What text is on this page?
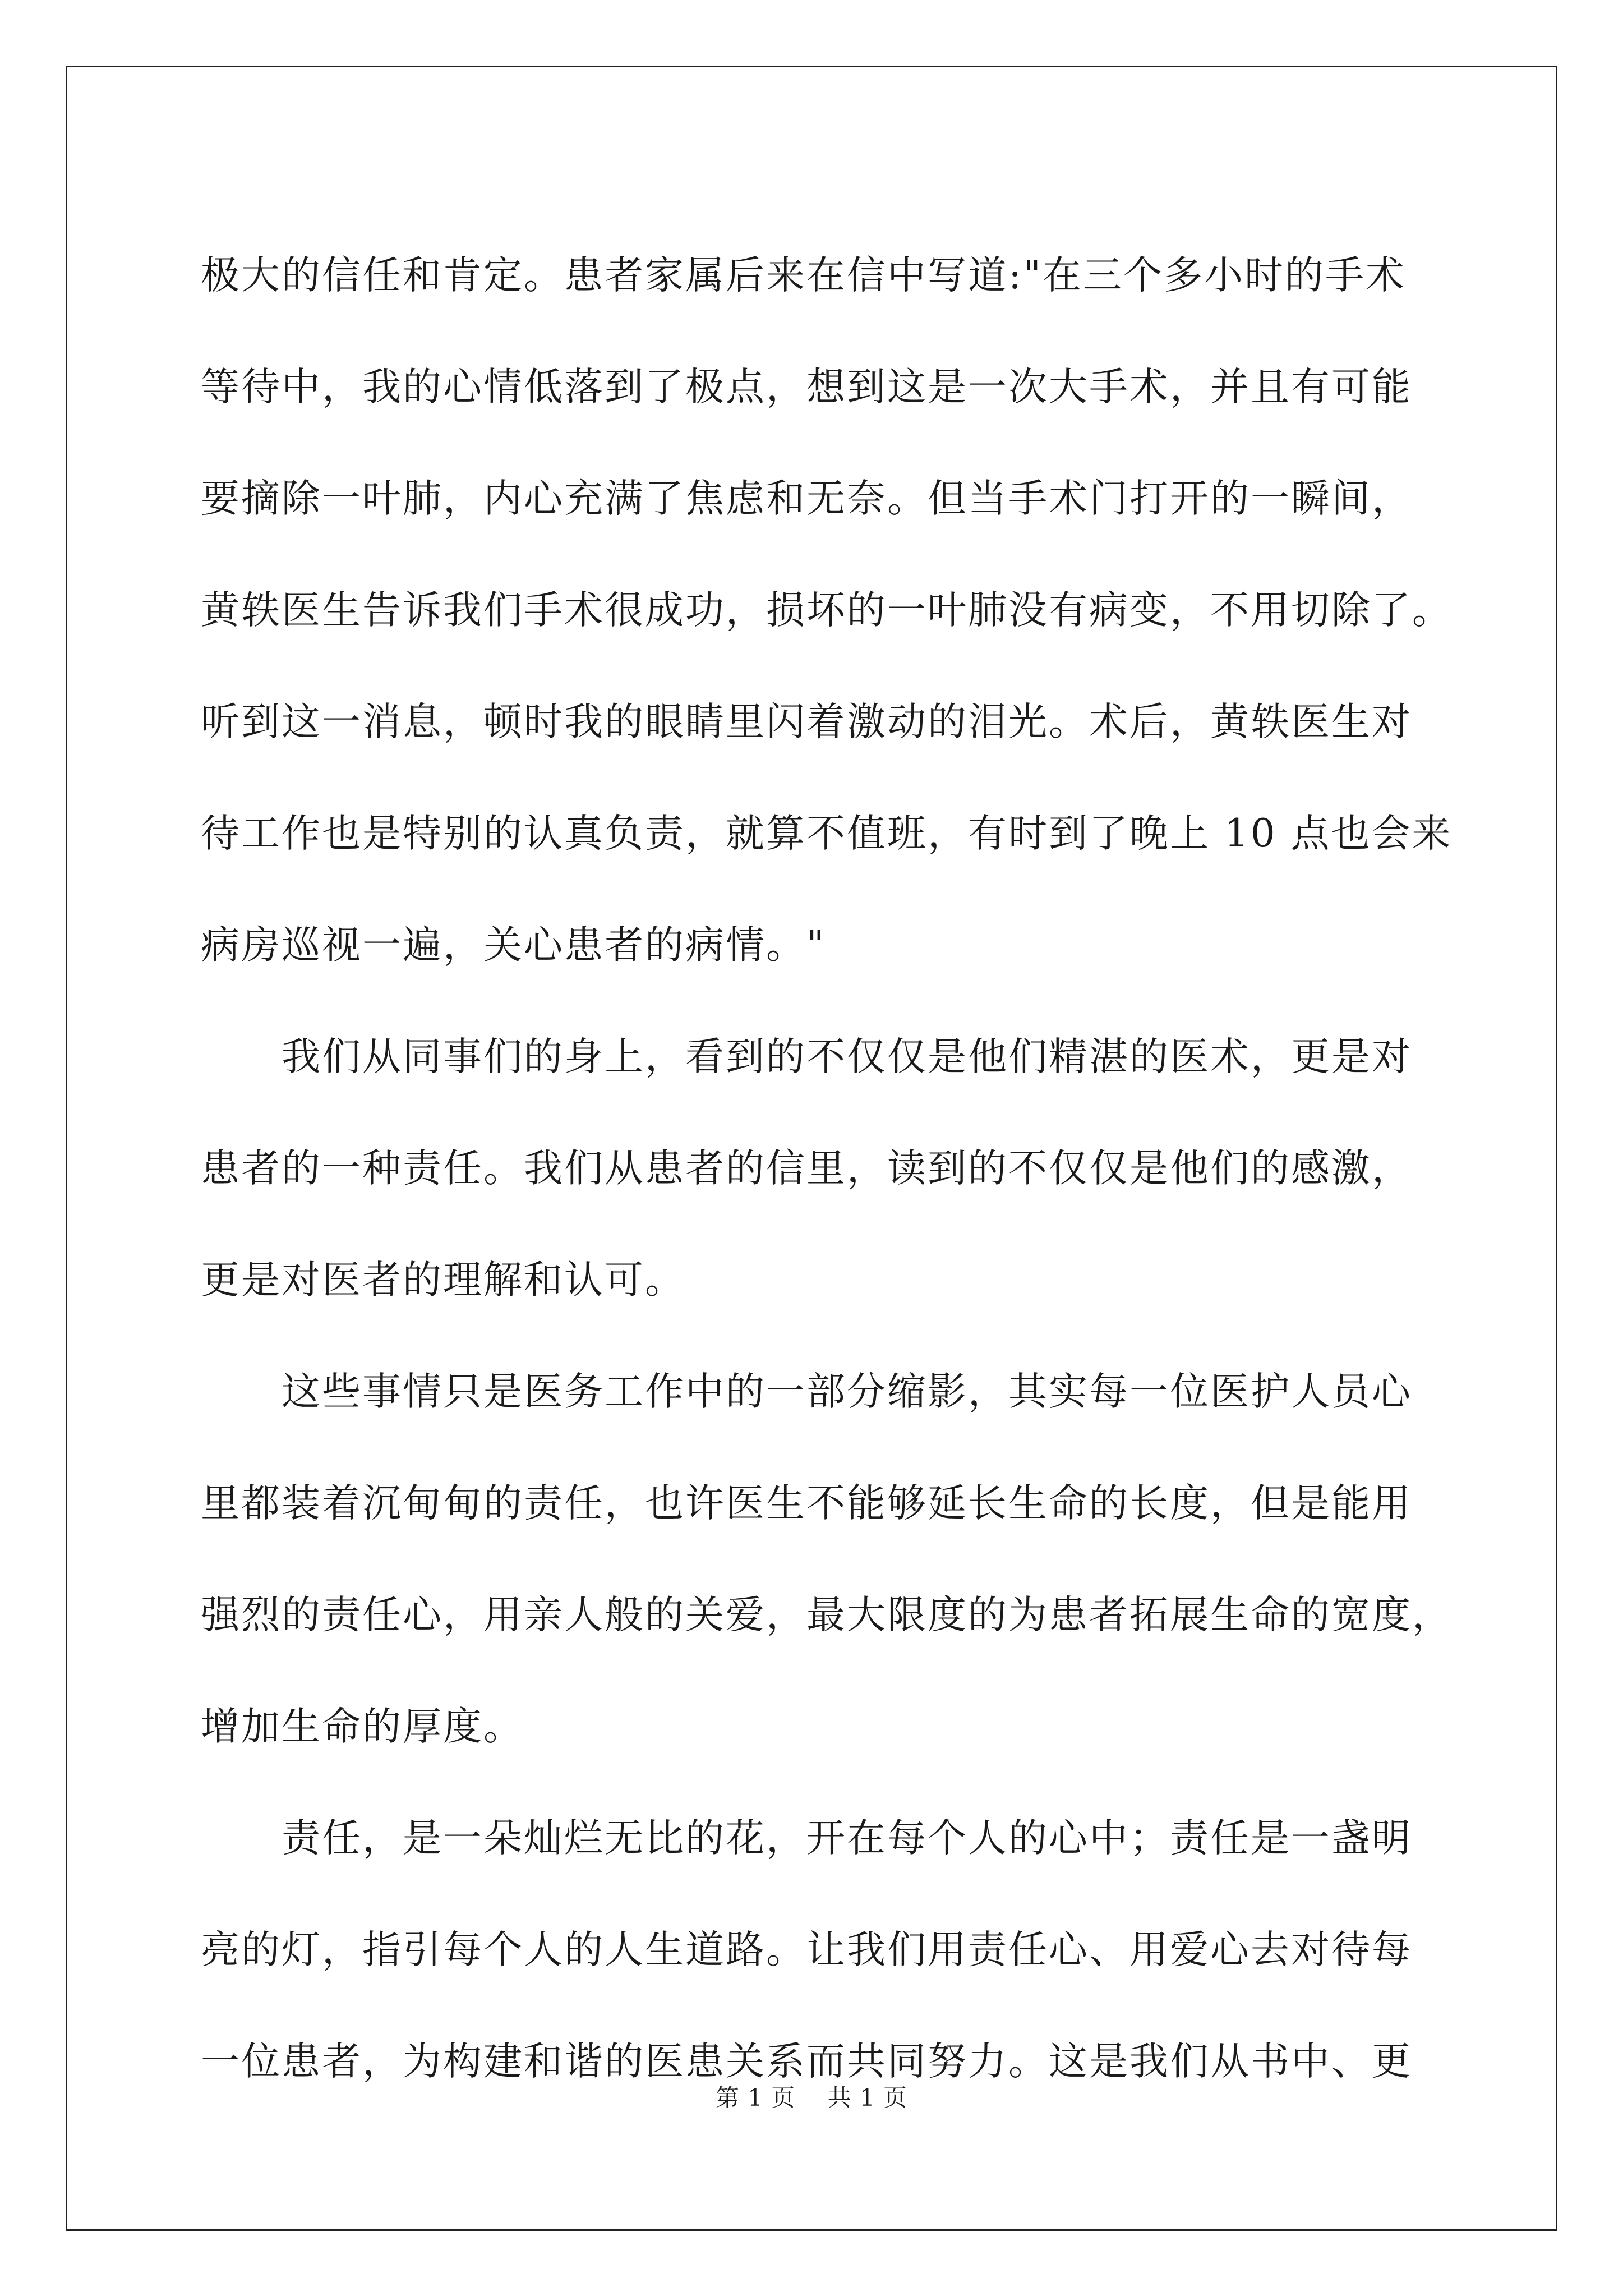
极大的信任和肯定。患者家属后来在信中写道:"在三个多小时的手术
等待中，我的心情低落到了极点，想到这是一次大手术，并且有可能
要摘除一叶肺，内心充满了焦虑和无奈。但当手术门打开的一瞬间，
黄轶医生告诉我们手术很成功，损坏的一叶肺没有病变，不用切除了。
听到这一消息，顿时我的眼睛里闪着激动的泪光。术后，黄轶医生对
待工作也是特别的认真负责，就算不值班，有时到了晚上 10 点也会来
病房巡视一遍，关心患者的病情。"

我们从同事们的身上，看到的不仅仅是他们精湛的医术，更是对
患者的一种责任。我们从患者的信里，读到的不仅仅是他们的感激，
更是对医者的理解和认可。

这些事情只是医务工作中的一部分缩影，其实每一位医护人员心
里都装着沉甸甸的责任，也许医生不能够延长生命的长度，但是能用
强烈的责任心，用亲人般的关爱，最大限度的为患者拓展生命的宽度，
增加生命的厚度。

责任，是一朵灿烂无比的花，开在每个人的心中；责任是一盏明
亮的灯，指引每个人的人生道路。让我们用责任心、用爱心去对待每
一位患者，为构建和谐的医患关系而共同努力。这是我们从书中、更

第 1 页 共 1 页
